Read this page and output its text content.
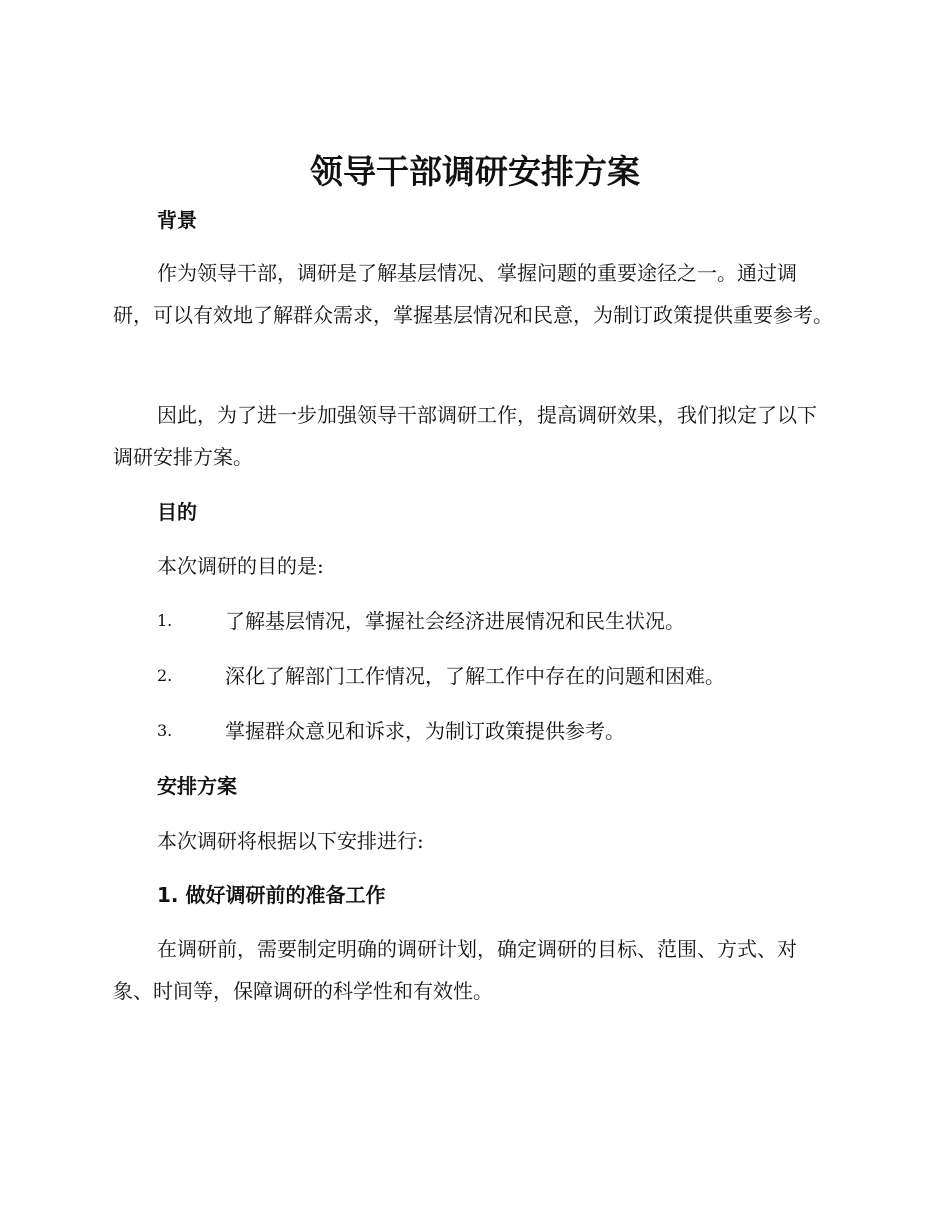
领导干部调研安排方案
背景

作为领导干部，调研是了解基层情况、掌握问题的重要途径之一。通过调研，可以有效地了解群众需求，掌握基层情况和民意，为制订政策提供重要参考。

因此，为了进一步加强领导干部调研工作，提高调研效果，我们拟定了以下调研安排方案。

目的
本次调研的目的是:
1.	了解基层情况，掌握社会经济进展情况和民生状况。
2.	深化了解部门工作情况，了解工作中存在的问题和困难。
3.	掌握群众意见和诉求，为制订政策提供参考。
安排方案
本次调研将根据以下安排进行:
1. 做好调研前的准备工作

在调研前，需要制定明确的调研计划，确定调研的目标、范围、方式、对象、时间等，保障调研的科学性和有效性。
